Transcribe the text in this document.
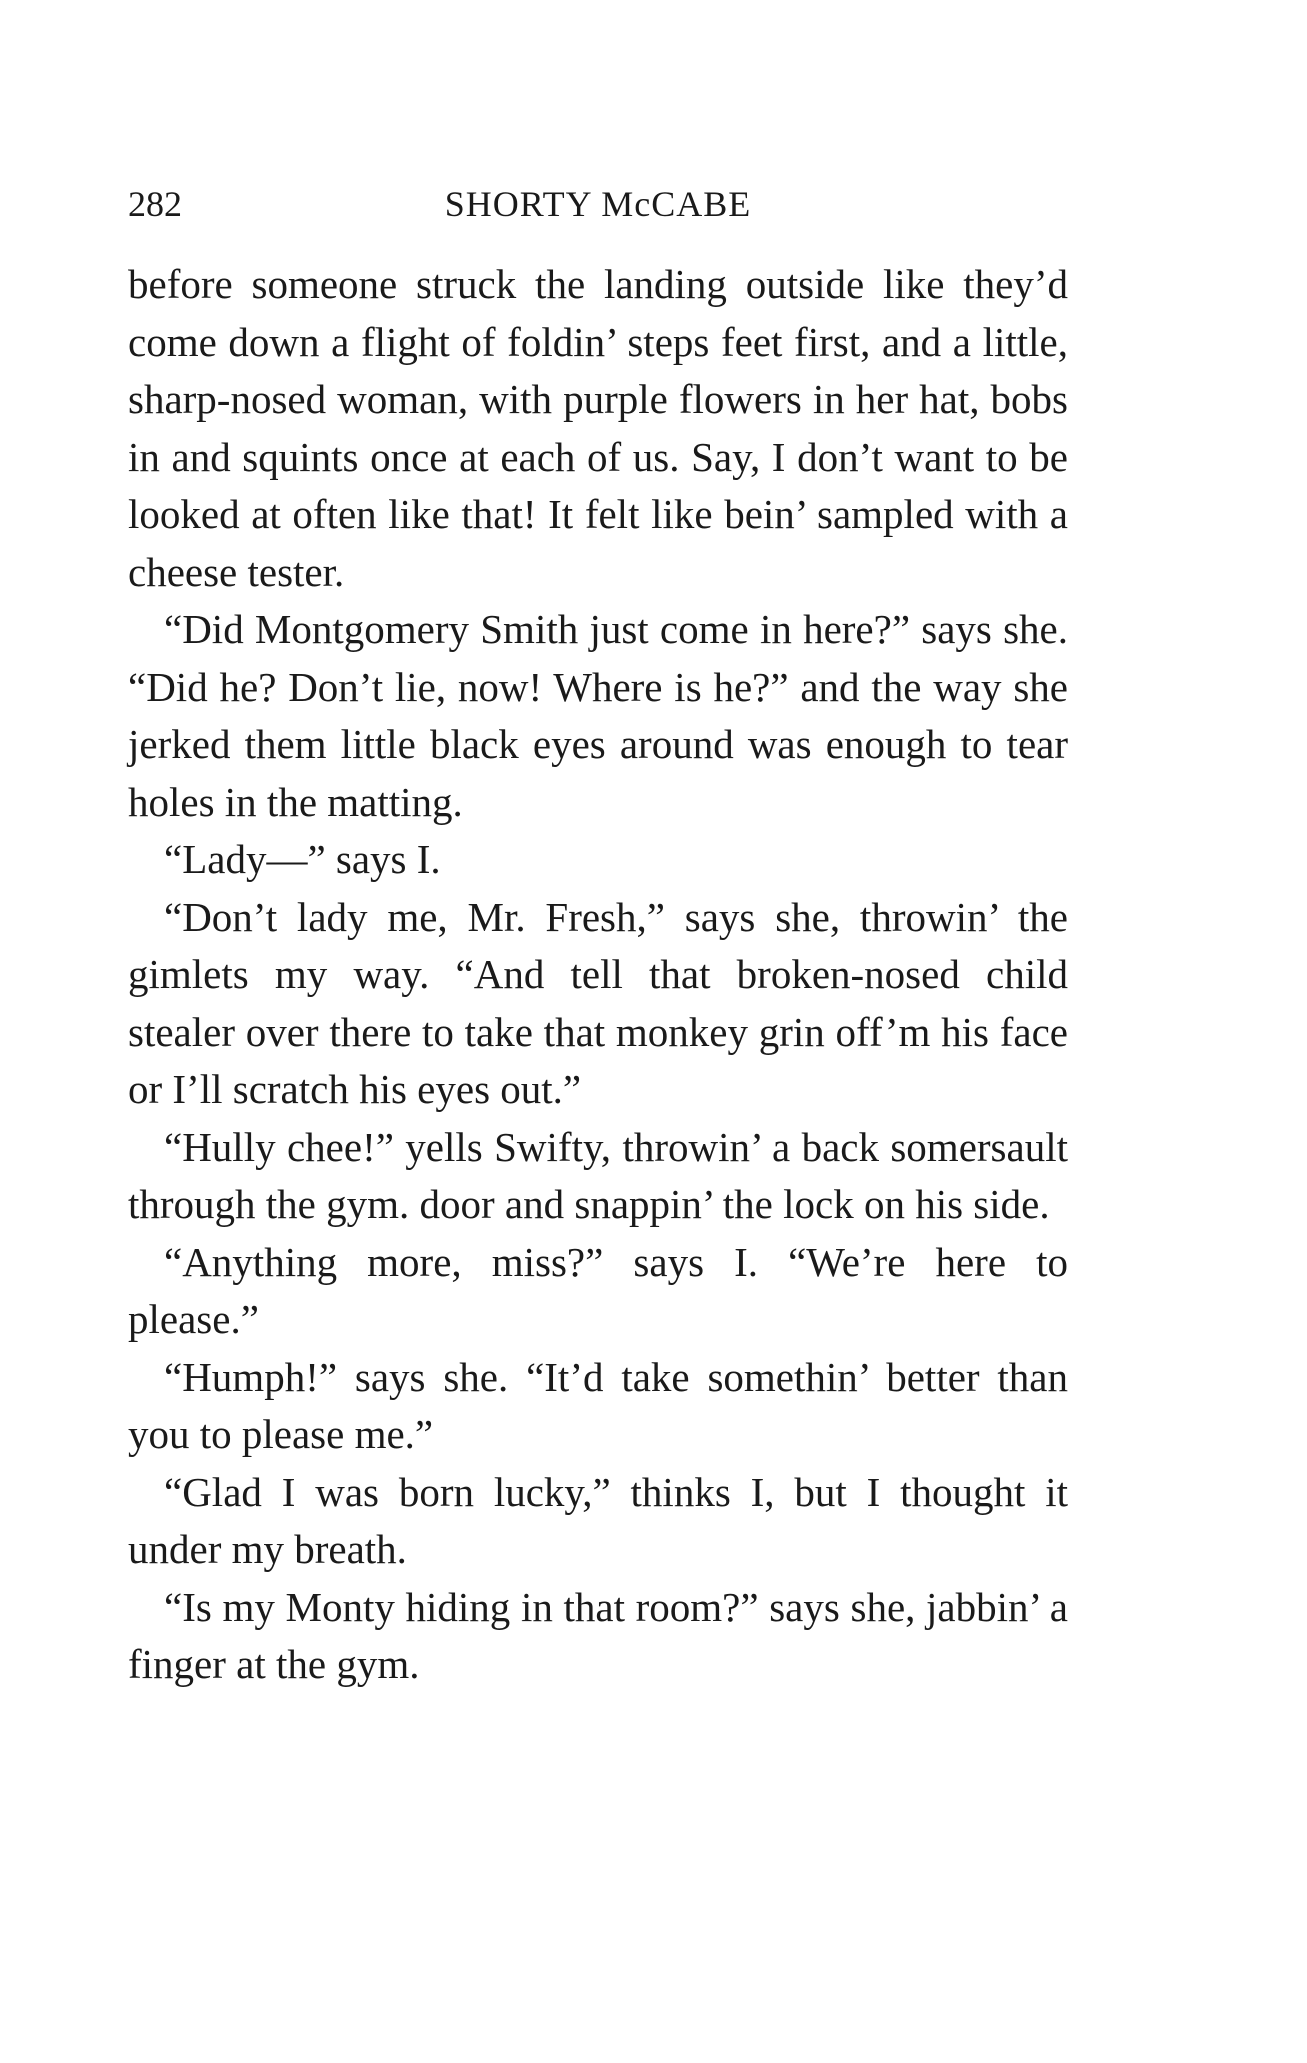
282	SHORTY McCABE

before someone struck the landing outside like they’d come down a flight of foldin’ steps feet first, and a little, sharp-nosed woman, with purple flowers in her hat, bobs in and squints once at each of us. Say, I don’t want to be looked at often like that! It felt like bein’ sampled with a cheese tester.

“Did Montgomery Smith just come in here?” says she. “Did he? Don’t lie, now! Where is he?” and the way she jerked them little black eyes around was enough to tear holes in the matting.

“Lady—” says I.

“Don’t lady me, Mr. Fresh,” says she, throwin’ the gimlets my way. “And tell that broken-nosed child stealer over there to take that monkey grin off’m his face or I’ll scratch his eyes out.”

“Hully chee!” yells Swifty, throwin’ a back somersault through the gym. door and snappin’ the lock on his side.

“Anything more, miss?” says I. “We’re here to please.”

“Humph!” says she. “It’d take somethin’ better than you to please me.”

“Glad I was born lucky,” thinks I, but I thought it under my breath.

“Is my Monty hiding in that room?” says she, jabbin’ a finger at the gym.
